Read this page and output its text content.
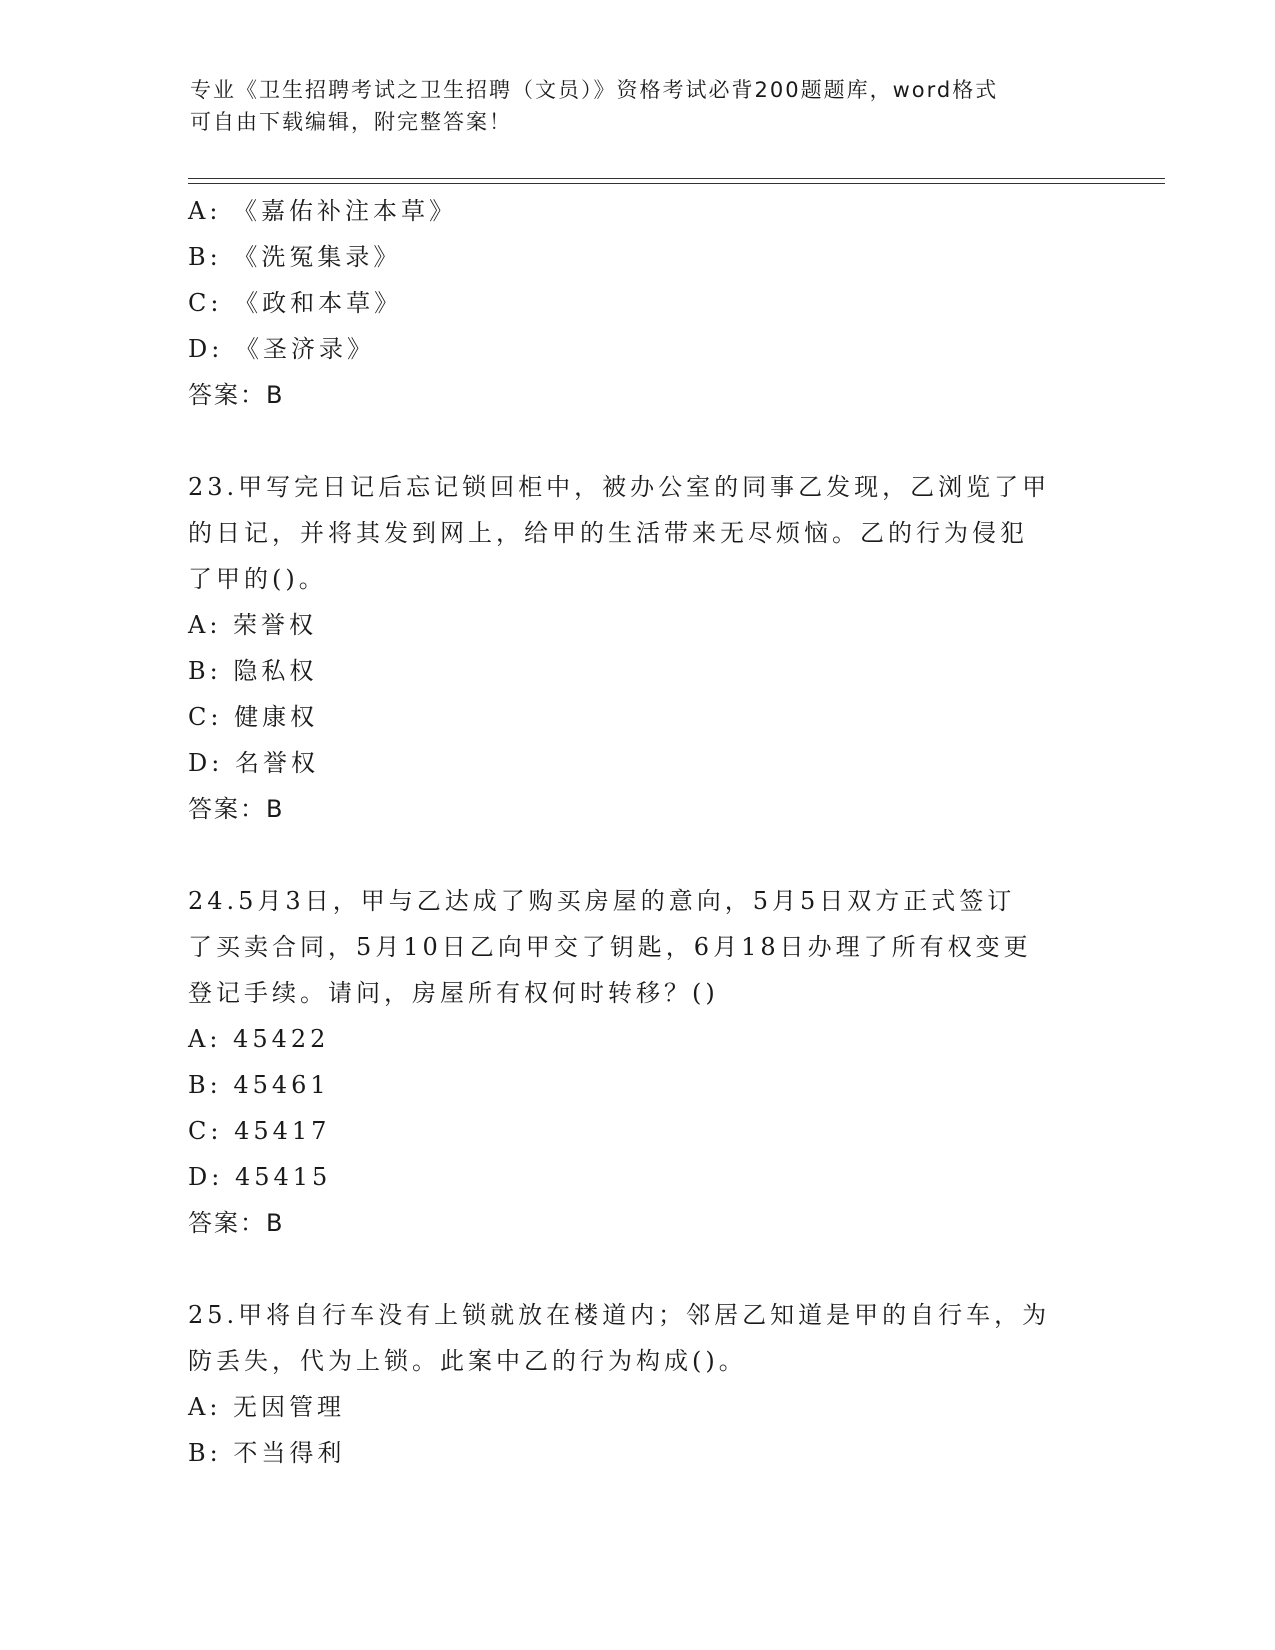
专业《卫生招聘考试之卫生招聘（文员）》资格考试必背200题题库，word格式
可自由下载编辑，附完整答案！
A: 《嘉佑补注本草》
B: 《洗冤集录》
C: 《政和本草》
D: 《圣济录》
答案：B
23.甲写完日记后忘记锁回柜中，被办公室的同事乙发现，乙浏览了甲
的日记，并将其发到网上，给甲的生活带来无尽烦恼。乙的行为侵犯
了甲的()。
A: 荣誉权
B: 隐私权
C: 健康权
D: 名誉权
答案：B
24.5月3日，甲与乙达成了购买房屋的意向，5月5日双方正式签订
了买卖合同，5月10日乙向甲交了钥匙，6月18日办理了所有权变更
登记手续。请问，房屋所有权何时转移？()
A: 45422
B: 45461
C: 45417
D: 45415
答案：B
25.甲将自行车没有上锁就放在楼道内；邻居乙知道是甲的自行车，为
防丢失，代为上锁。此案中乙的行为构成()。
A: 无因管理
B: 不当得利
